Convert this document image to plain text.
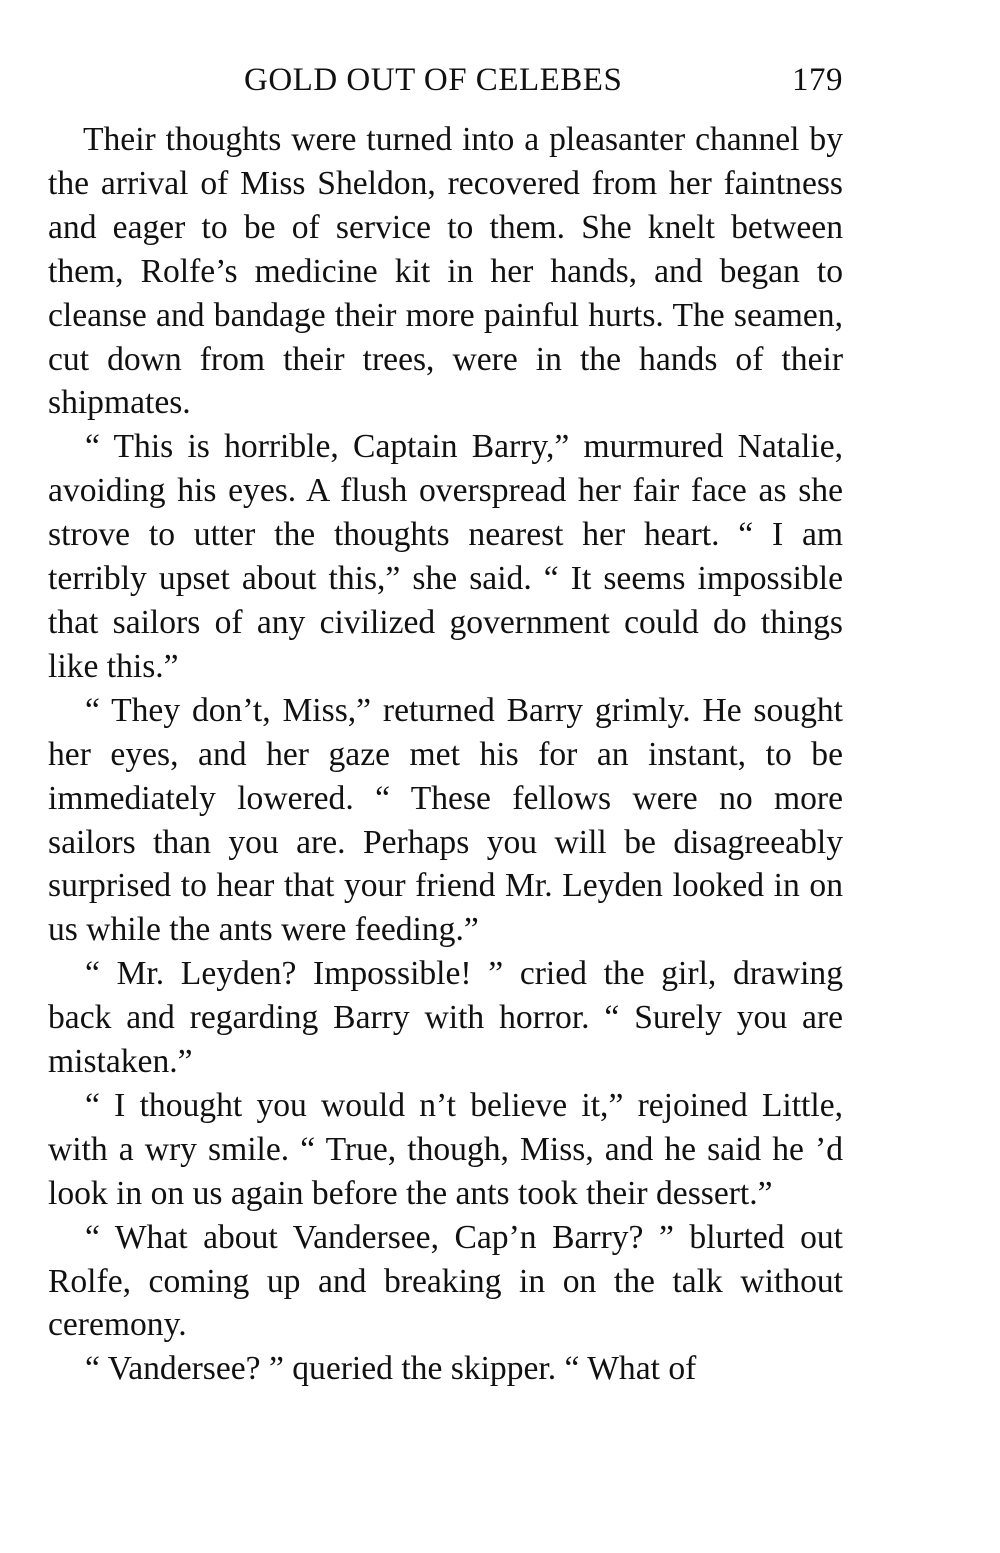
GOLD OUT OF CELEBES	179

Their thoughts were turned into a pleasanter channel by the arrival of Miss Sheldon, recovered from her faintness and eager to be of service to them. She knelt between them, Rolfe’s medicine kit in her hands, and began to cleanse and bandage their more painful hurts. The seamen, cut down from their trees, were in the hands of their shipmates.

“ This is horrible, Captain Barry,” murmured Natalie, avoiding his eyes. A flush overspread her fair face as she strove to utter the thoughts nearest her heart. “ I am terribly upset about this,” she said. “ It seems impossible that sailors of any civilized government could do things like this.”

“ They don’t, Miss,” returned Barry grimly. He sought her eyes, and her gaze met his for an instant, to be immediately lowered. “ These fellows were no more sailors than you are. Perhaps you will be disagreeably surprised to hear that your friend Mr. Leyden looked in on us while the ants were feeding.”

“ Mr. Leyden? Impossible! ” cried the girl, drawing back and regarding Barry with horror. “ Surely you are mistaken.”

“ I thought you would n’t believe it,” rejoined Little, with a wry smile. “ True, though, Miss, and he said he ’d look in on us again before the ants took their dessert.”

“ What about Vandersee, Cap’n Barry? ” blurted out Rolfe, coming up and breaking in on the talk without ceremony.

“ Vandersee? ” queried the skipper. “ What of
